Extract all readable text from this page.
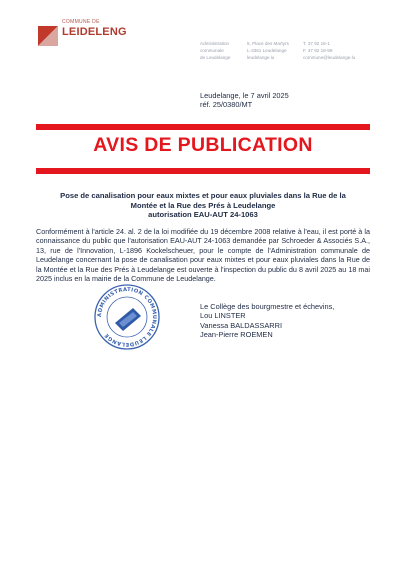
COMMUNE DE
LEIDELENG
Administration
communale
de Leudelange
5, Place des Martyrs
L-3361 Leudelange
leudelange.lu
T. 37 92 18-1
F. 37 92 18-99
commune@leudelange.lu
Leudelange, le 7 avril 2025
réf. 25/0380/MT
AVIS DE PUBLICATION
Pose de canalisation pour eaux mixtes et pour eaux pluviales dans la Rue de la
Montée et la Rue des Prés à Leudelange
autorisation EAU-AUT 24-1063
Conformément à l'article 24. al. 2 de la loi modifiée du 19 décembre 2008 relative à l'eau, il est porté à la connaissance du public que l'autorisation EAU-AUT 24-1063 demandée par Schroeder & Associés S.A., 13, rue de l'Innovation, L-1896 Kockelscheuer, pour le compte de l'Administration communale de Leudelange concernant la pose de canalisation pour eaux mixtes et pour eaux pluviales dans la Rue de la Montée et la Rue des Prés à Leudelange est ouverte à l'inspection du public du 8 avril 2025 au 18 mai 2025 inclus en la mairie de la Commune de Leudelange.
ADMINISTRATION COMMUNALE LEUDELANGE
Le Collège des bourgmestre et échevins,
Lou LINSTER
Vanessa BALDASSARRI
Jean-Pierre ROEMEN
